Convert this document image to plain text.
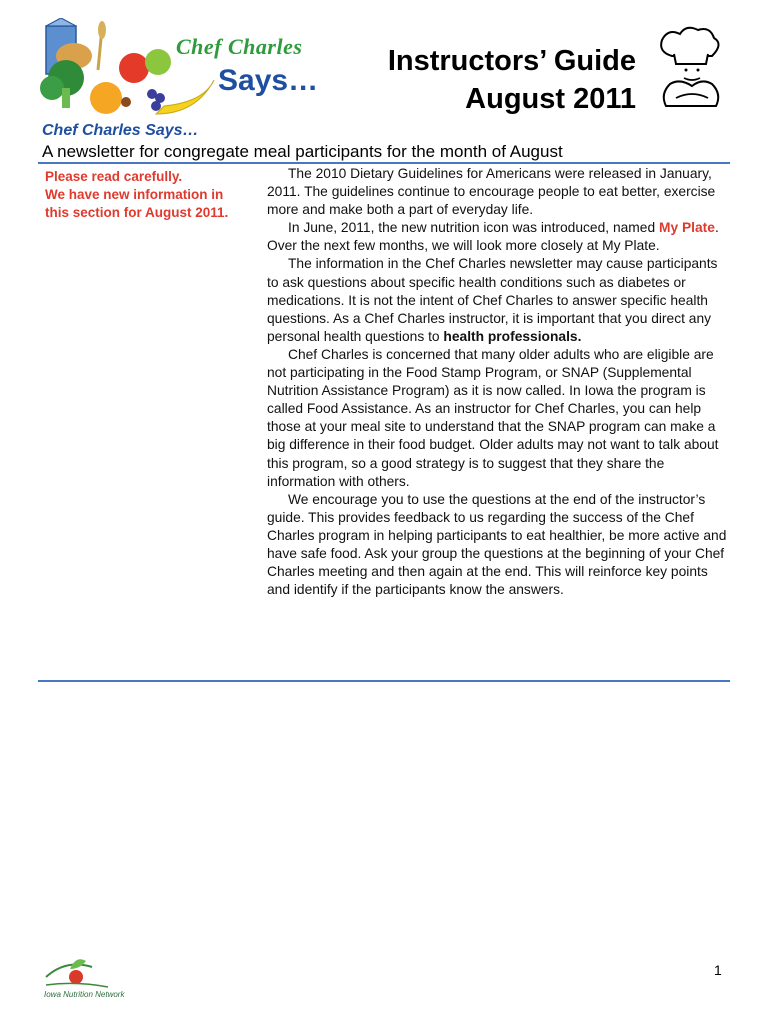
Chef Charles
Says…
Instructors’ Guide
August 2011
Chef Charles Says…
A newsletter for congregate meal participants for the month of August
Please read carefully.
We have new information in
this section for August 2011.

The 2010 Dietary Guidelines for Americans were released in January, 2011. The guidelines continue to encourage people to eat better, exercise more and make both a part of everyday life.

In June, 2011, the new nutrition icon was introduced, named My Plate. Over the next few months, we will look more closely at My Plate.

The information in the Chef Charles newsletter may cause participants to ask questions about specific health conditions such as diabetes or medications. It is not the intent of Chef Charles to answer specific health questions. As a Chef Charles instructor, it is important that you direct any personal health questions to health professionals.

Chef Charles is concerned that many older adults who are eligible are not participating in the Food Stamp Program, or SNAP (Supplemental Nutrition Assistance Program) as it is now called. In Iowa the program is called Food Assistance. As an instructor for Chef Charles, you can help those at your meal site to understand that the SNAP program can make a big difference in their food budget. Older adults may not want to talk about this program, so a good strategy is to suggest that they share the information with others.

We encourage you to use the questions at the end of the instructor’s guide. This provides feedback to us regarding the success of the Chef Charles program in helping participants to eat healthier, be more active and have safe food. Ask your group the questions at the beginning of your Chef Charles meeting and then again at the end. This will reinforce key points and identify if the participants know the answers.

Iowa Nutrition Network
1
